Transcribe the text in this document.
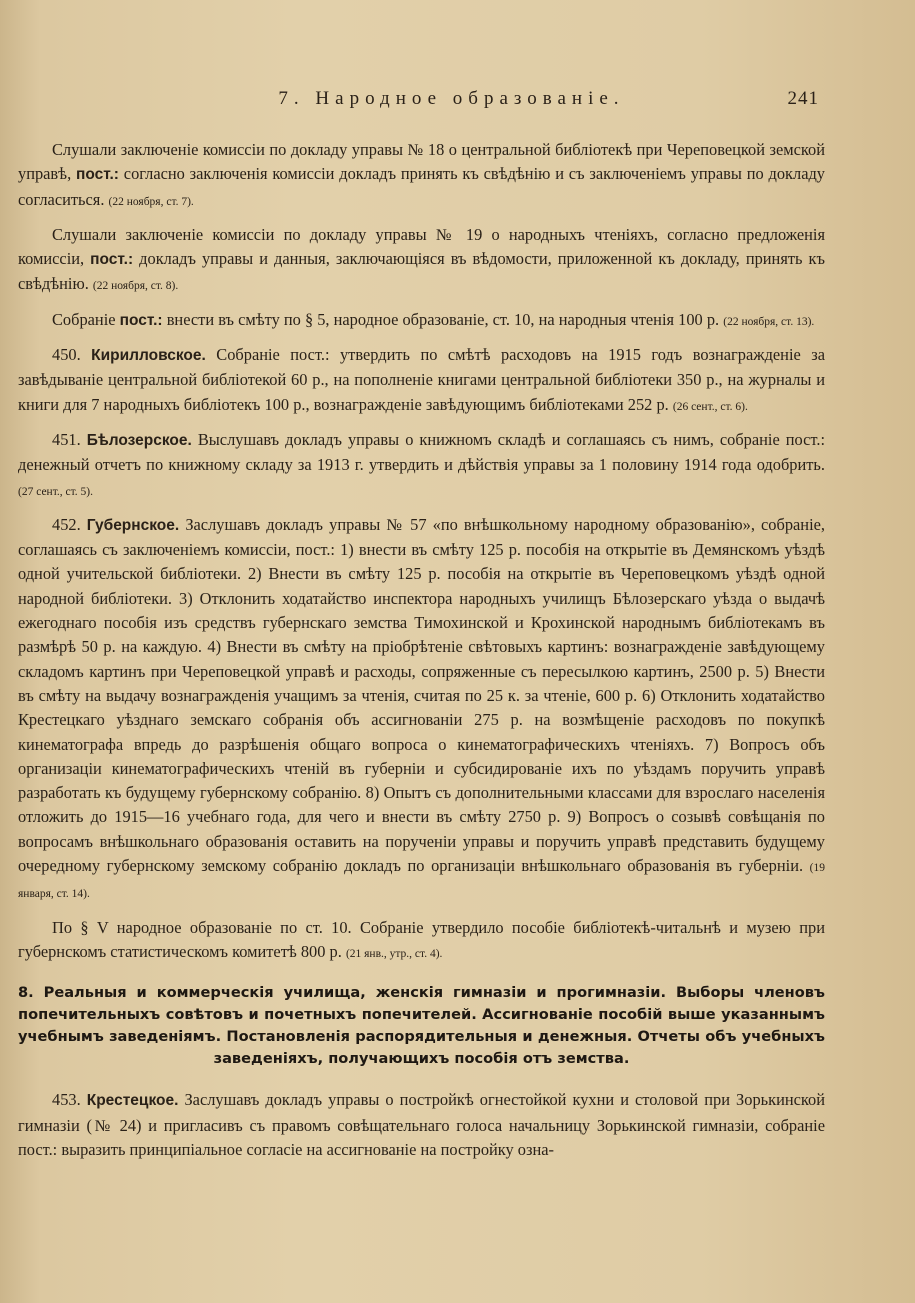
7. Народное образованіе.	241

Слушали заключеніе комиссіи по докладу управы № 18 о центральной библіотекѣ при Череповецкой земской управѣ, пост.: согласно заключенія комиссіи докладъ принять къ свѣдѣнію и съ заключеніемъ управы по докладу согласиться. (22 ноября, ст. 7).

Слушали заключеніе комиссіи по докладу управы № 19 о народныхъ чтеніяхъ, согласно предложенія комиссіи, пост.: докладъ управы и данныя, заключающіяся въ вѣдомости, приложенной къ докладу, принять къ свѣдѣнію. (22 ноября, ст. 8).

Собраніе пост.: внести въ смѣту по § 5, народное образованіе, ст. 10, на народныя чтенія 100 р. (22 ноября, ст. 13).

450. Кирилловское. Собраніе пост.: утвердить по смѣтѣ расходовъ на 1915 годъ вознагражденіе за завѣдываніе центральной библіотекой 60 р., на пополненіе книгами центральной библіотеки 350 р., на журналы и книги для 7 народныхъ библіотекъ 100 р., вознагражденіе завѣдующимъ библіотеками 252 р. (26 сент., ст. 6).

451. Бѣлозерское. Выслушавъ докладъ управы о книжномъ складѣ и соглашаясь съ нимъ, собраніе пост.: денежный отчетъ по книжному складу за 1913 г. утвердить и дѣйствія управы за 1 половину 1914 года одобрить. (27 сент., ст. 5).

452. Губернское. Заслушавъ докладъ управы № 57 «по внѣшкольному народному образованію», собраніе, соглашаясь съ заключеніемъ комиссіи, пост.: 1) внести въ смѣту 125 р. пособія на открытіе въ Демянскомъ уѣздѣ одной учительской библіотеки. 2) Внести въ смѣту 125 р. пособія на открытіе въ Череповецкомъ уѣздѣ одной народной библіотеки. 3) Отклонить ходатайство инспектора народныхъ училищъ Бѣлозерскаго уѣзда о выдачѣ ежегоднаго пособія изъ средствъ губернскаго земства Тимохинской и Крохинской народнымъ библіотекамъ въ размѣрѣ 50 р. на каждую. 4) Внести въ смѣту на пріобрѣтеніе свѣтовыхъ картинъ: вознагражденіе завѣдующему складомъ картинъ при Череповецкой управѣ и расходы, сопряженные съ пересылкою картинъ, 2500 р. 5) Внести въ смѣту на выдачу вознагражденія учащимъ за чтенія, считая по 25 к. за чтеніе, 600 р. 6) Отклонить ходатайство Крестецкаго уѣзднаго земскаго собранія объ ассигнованіи 275 р. на возмѣщеніе расходовъ по покупкѣ кинематографа впредь до разрѣшенія общаго вопроса о кинематографическихъ чтеніяхъ. 7) Вопросъ объ организаціи кинематографическихъ чтеній въ губерніи и субсидированіе ихъ по уѣздамъ поручить управѣ разработать къ будущему губернскому собранію. 8) Опытъ съ дополнительными классами для взрослаго населенія отложить до 1915—16 учебнаго года, для чего и внести въ смѣту 2750 р. 9) Вопросъ о созывѣ совѣщанія по вопросамъ внѣшкольнаго образованія оставить на порученіи управы и поручить управѣ представить будущему очередному губернскому земскому собранію докладъ по организаціи внѣшкольнаго образованія въ губерніи. (19 января, ст. 14).

По § V народное образованіе по ст. 10. Собраніе утвердило пособіе библіотекѣ-читальнѣ и музею при губернскомъ статистическомъ комитетѣ 800 р. (21 янв., утр., ст. 4).

8. Реальныя и коммерческія училища, женскія гимназіи и прогимназіи. Выборы членовъ
попечительныхъ совѣтовъ и почетныхъ попечителей. Ассигнованіе пособій выше указаннымъ
учебнымъ заведеніямъ. Постановленія распорядительныя и денежныя. Отчеты объ учебныхъ
заведеніяхъ, получающихъ пособія отъ земства.

453. Крестецкое. Заслушавъ докладъ управы о постройкѣ огнестойкой кухни и столовой при Зорькинской гимназіи (№ 24) и пригласивъ съ правомъ совѣщательнаго голоса начальницу Зорькинской гимназіи, собраніе пост.: выразить принципіальное согласіе на ассигнованіе на постройку озна-
